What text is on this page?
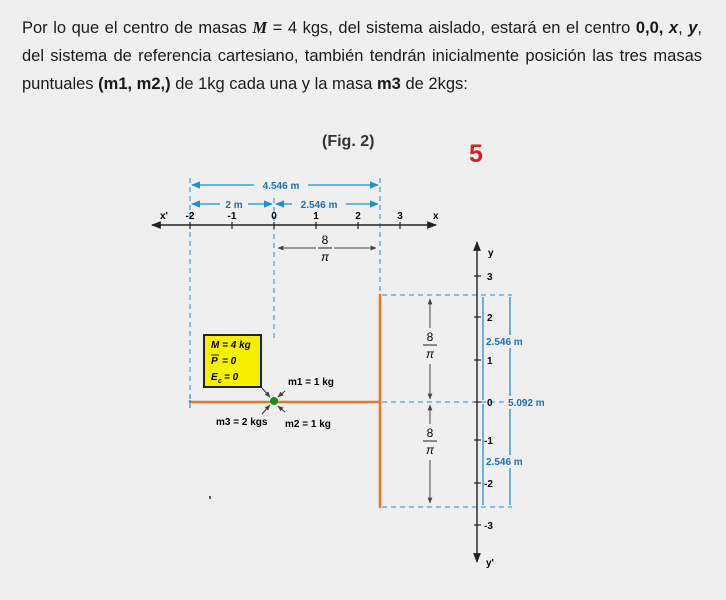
Por lo que el centro de masas M = 4 kgs, del sistema aislado, estará en el centro 0,0, x, y, del sistema de referencia cartesiano, también tendrán inicialmente posición las tres masas puntuales (m1, m2,) de 1kg cada una y la masa m3 de 2kgs:
(Fig. 2)	5
4.546 m
2 m	2.546 m
x'	x
-2	-1	0	1	2	3
8
π
8
π
8
π
y
y'
3
2
1
0
-1
-2
-3
2.546 m
2.546 m
5.092 m
M = 4 kg
P = 0
E c = 0	m1 = 1 kg
m3 = 2 kgs m2 = 1 kg
